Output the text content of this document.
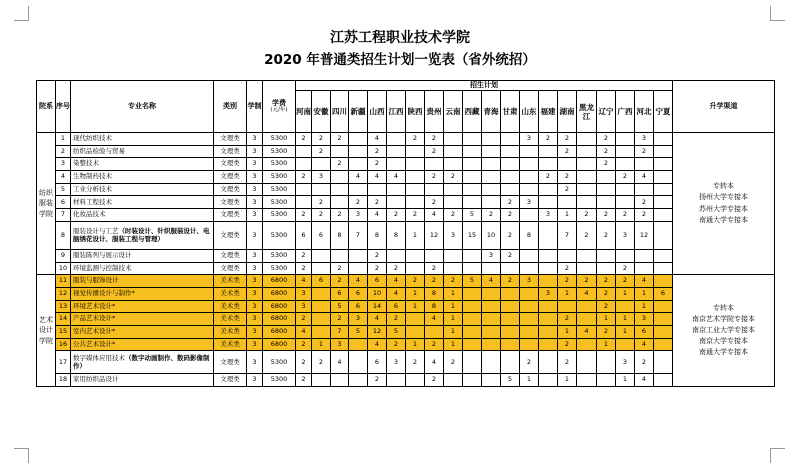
江苏工程职业技术学院
2020 年普通类招生计划一览表（省外统招）
院系	序号	专业名称	类别	学制	学费
(元/年)	招生计划																				升学渠道
						河南	安徽	四川	新疆	山西	江西	陕西	贵州	云南	西藏	青海	甘肃	山东	福建	湖南	黑龙江	辽宁	广西	河北	宁夏	
纺织服装学院	1	现代纺织技术	文理类	3	5300	2	2	2		4		2	2					3	2	2		2		3		专转本
扬州大学专接本
苏州大学专接本
南通大学专接本

	2	纺织品检验与贸易	文理类	3	5300		2			2			2							2		2		2		
	3	染整技术	文理类	3	5300			2		2												2				
	4	生物制药技术	文理类	3	5300	2	3		4	4	4		2	2					2	2			2	4		
	5	工业分析技术	文理类	3	5300															2						
	6	材料工程技术	文理类	3	5300		2		2	2			2				2	3						2		
	7	化妆品技术	文理类	3	5300	2	2	2	3	4	2	2	4	2	5	2	2		3	1	2	2	2	2		
	8	服装设计与工艺（时装设计、针织服装设计、电脑绣花设计、服装工程与管理）	文理类	3	5300	6	6	8	7	8	8	1	12	3	15	10	2	8		7	2	2	3	12		
	9	服装陈列与展示设计	文理类	3	5300	2				2						3	2									
	10	环境监测与控制技术	文理类	3	5300	2		2		2	2		2							2			2			
艺术设计学院	11	服装与服饰设计	美术类	3	6800	4	6	2	4	6	4	2	2	2	5	4	2	3		2	2	2	2	4		专转本
南京艺术学院专接本
南京工业大学专接本
南京大学专接本
南通大学专接本

	12	视觉传播设计与制作*	美术类	3	6800	3		6	6	10	4	1	8	1					3	1	4	2	1	1	6	
	13	环境艺术设计*	美术类	3	6800	3		5	6	14	6	1	8	1								2		1		
	14	产品艺术设计*	美术类	3	6800	2		2	3	4	2		4	1						2		1	1	3		
	15	室内艺术设计*	美术类	3	6800	4		7	5	12	5			1						1	4	2	1	6		
	16	公共艺术设计*	美术类	3	6800	2	1	3		4	2	1	2	1						2		1		4		
	17	数字媒体应用技术（数字动画制作、数码影像制作）	文理类	3	5300	2	2	4		6	3	2	4	2				2		2			3	2		
	18	家用纺织品设计	文理类	3	5300	2				2			2				5	1		1			1	4		
